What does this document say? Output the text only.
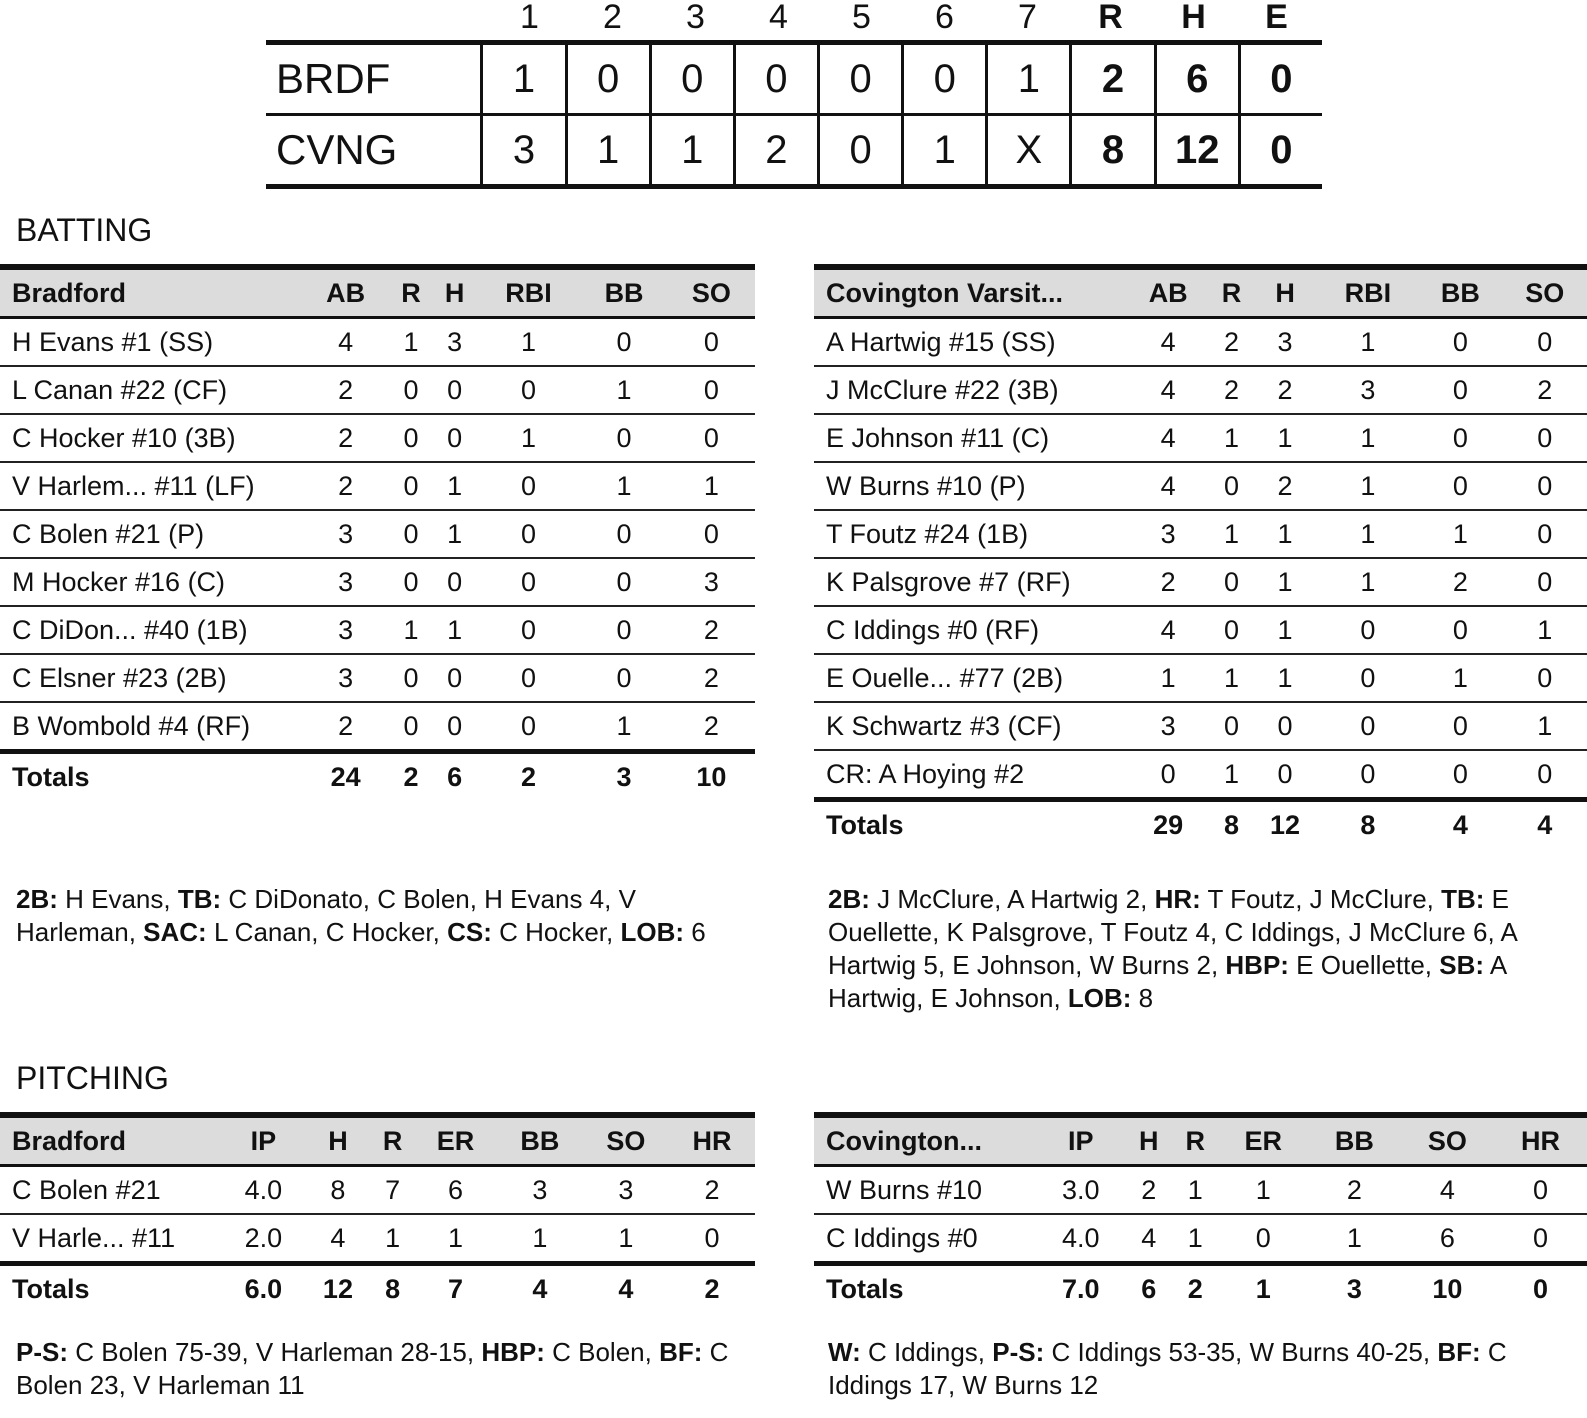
1	2	3	4	5	6	7	R	H	E
BRDF	1	0	0	0	0	0	1	2	6	0
CVNG	3	1	1	2	0	1	X	8	12	0
BATTING
Bradford	AB	R	H	RBI	BB	SO
H Evans #1 (SS)	4	1	3	1	0	0
L Canan #22 (CF)	2	0	0	0	1	0
C Hocker #10 (3B)	2	0	0	1	0	0
V Harlem... #11 (LF)	2	0	1	0	1	1
C Bolen #21 (P)	3	0	1	0	0	0
M Hocker #16 (C)	3	0	0	0	0	3
C DiDon... #40 (1B)	3	1	1	0	0	2
C Elsner #23 (2B)	3	0	0	0	0	2
B Wombold #4 (RF)	2	0	0	0	1	2
Totals	24	2	6	2	3	10
Covington Varsit...	AB	R	H	RBI	BB	SO
A Hartwig #15 (SS)	4	2	3	1	0	0
J McClure #22 (3B)	4	2	2	3	0	2
E Johnson #11 (C)	4	1	1	1	0	0
W Burns #10 (P)	4	0	2	1	0	0
T Foutz #24 (1B)	3	1	1	1	1	0
K Palsgrove #7 (RF)	2	0	1	1	2	0
C Iddings #0 (RF)	4	0	1	0	0	1
E Ouelle... #77 (2B)	1	1	1	0	1	0
K Schwartz #3 (CF)	3	0	0	0	0	1
CR: A Hoying #2	0	1	0	0	0	0
Totals	29	8	12	8	4	4
2B: H Evans, TB: C DiDonato, C Bolen, H Evans 4, V Harleman, SAC: L Canan, C Hocker, CS: C Hocker, LOB: 6
2B: J McClure, A Hartwig 2, HR: T Foutz, J McClure, TB: E Ouellette, K Palsgrove, T Foutz 4, C Iddings, J McClure 6, A Hartwig 5, E Johnson, W Burns 2, HBP: E Ouellette, SB: A Hartwig, E Johnson, LOB: 8
PITCHING
Bradford	IP	H	R	ER	BB	SO	HR
C Bolen #21	4.0	8	7	6	3	3	2
V Harle... #11	2.0	4	1	1	1	1	0
Totals	6.0	12	8	7	4	4	2
Covington...	IP	H	R	ER	BB	SO	HR
W Burns #10	3.0	2	1	1	2	4	0
C Iddings #0	4.0	4	1	0	1	6	0
Totals	7.0	6	2	1	3	10	0
P-S: C Bolen 75-39, V Harleman 28-15, HBP: C Bolen, BF: C Bolen 23, V Harleman 11
W: C Iddings, P-S: C Iddings 53-35, W Burns 40-25, BF: C Iddings 17, W Burns 12
